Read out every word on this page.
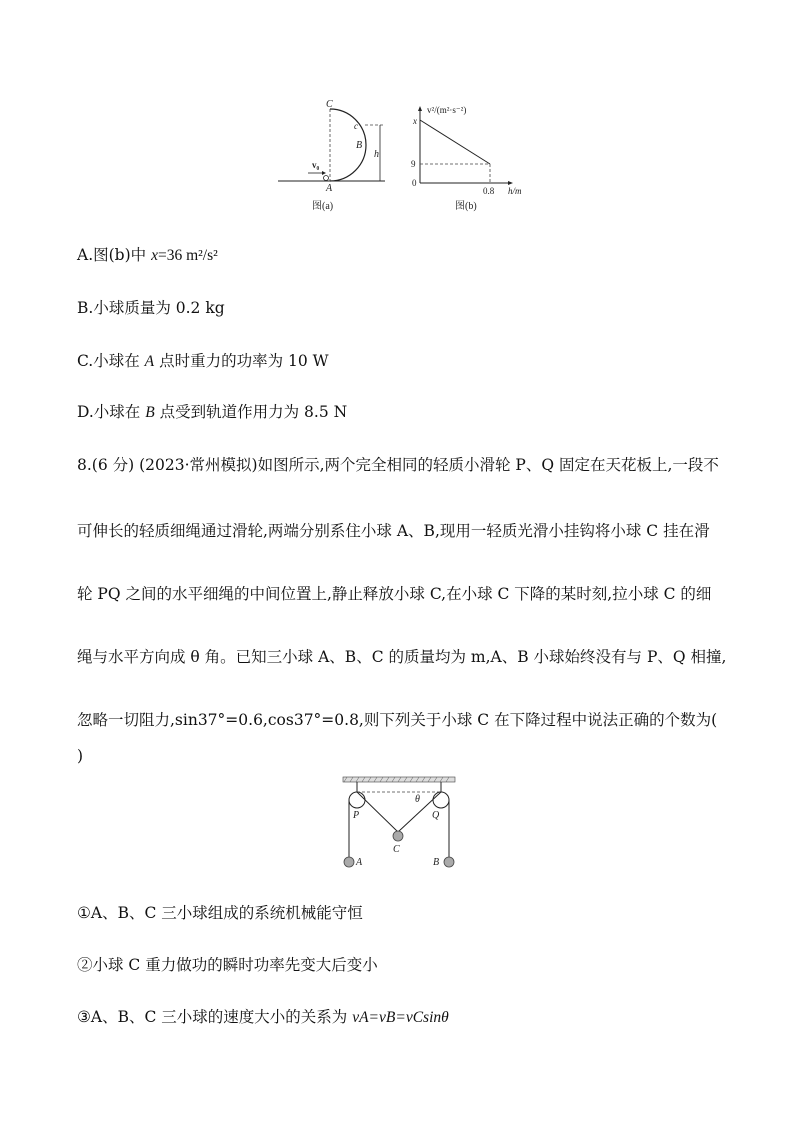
v₀
C
c
B
A
h
图(a)
v²/(m²·s⁻²)
x
9
0
0.8 h/m
图(b)
A.图(b)中 x=36 m²/s²
B.小球质量为 0.2 kg
C.小球在 A 点时重力的功率为 10 W
D.小球在 B 点受到轨道作用力为 8.5 N
8.(6 分) (2023·常州模拟)如图所示,两个完全相同的轻质小滑轮 P、Q 固定在天花板上,一段不
可伸长的轻质细绳通过滑轮,两端分别系住小球 A、B,现用一轻质光滑小挂钩将小球 C 挂在滑
轮 PQ 之间的水平细绳的中间位置上,静止释放小球 C,在小球 C 下降的某时刻,拉小球 C 的细
绳与水平方向成 θ 角。已知三小球 A、B、C 的质量均为 m,A、B 小球始终没有与 P、Q 相撞,
忽略一切阻力,sin37°=0.6,cos37°=0.8,则下列关于小球 C 在下降过程中说法正确的个数为(
)
P	Q
θ
C
A	B
①A、B、C 三小球组成的系统机械能守恒
②小球 C 重力做功的瞬时功率先变大后变小
③A、B、C 三小球的速度大小的关系为 vA=vB=vCsinθ
